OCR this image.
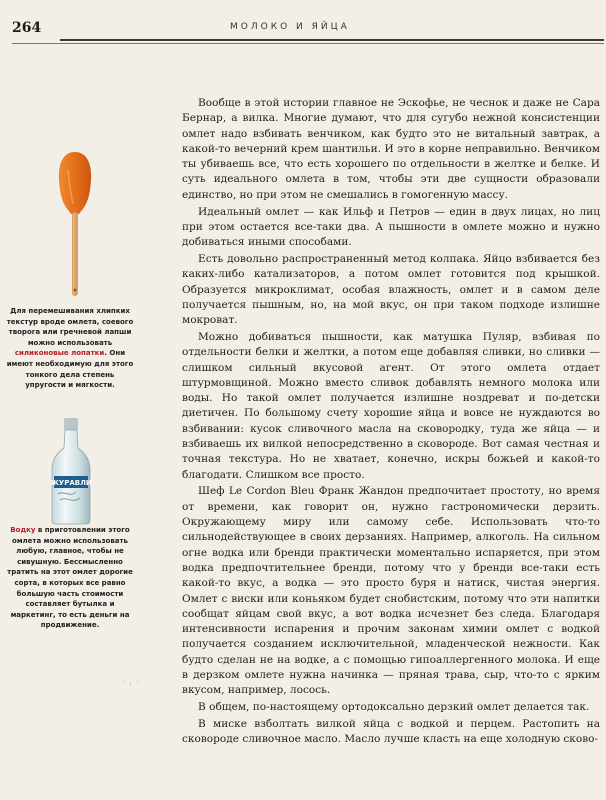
264	МОЛОКО И ЯЙЦА
Для перемешивания хлипких текстур вроде омлета, соевого творога или гречневой лапши можно использовать силиконовые лопатки. Они имеют необходимую для этого тонкого дела степень упругости и мягкости.
ЖУРАВЛИ
Водку в приготовлении этого омлета можно использовать любую, главное, чтобы не сивушную. Бессмысленно тратить на этот омлет дорогие сорта, в которых все равно большую часть стоимости составляет бутылка и маркетинг, то есть деньги на продвижение.
· : ·

Вообще в этой истории главное не Эскофье, не чеснок и даже не Сара Бернар, а вилка. Многие думают, что для сугубо нежной консистенции омлет надо взбивать венчиком, как будто это не витальный завтрак, а какой-то вечерний крем шантильи. И это в корне неправильно. Венчиком ты убиваешь все, что есть хорошего по отдельности в желтке и белке. И суть идеального омлета в том, чтобы эти две сущности образовали единство, но при этом не смешались в гомогенную массу.

Идеальный омлет — как Ильф и Петров — един в двух лицах, но лиц при этом остается все-таки два. А пышности в омлете можно и нужно добиваться иными способами.

Есть довольно распространенный метод колпака. Яйцо взбивается без каких-либо катализаторов, а потом омлет готовится под крышкой. Образуется микроклимат, особая влажность, омлет и в самом деле получается пышным, но, на мой вкус, он при таком подходе излишне мокроват.

Можно добиваться пышности, как матушка Пуляр, взбивая по отдельности белки и желтки, а потом еще добавляя сливки, но сливки — слишком сильный вкусовой агент. От этого омлета отдает штурмовщиной. Можно вместо сливок добавлять немного молока или воды. Но такой омлет получается излишне ноздреват и по-детски диетичен. По большому счету хорошие яйца и вовсе не нуждаются во взбивании: кусок сливочного масла на сковородку, туда же яйца — и взбиваешь их вилкой непосредственно в сковороде. Вот самая честная и точная текстура. Но не хватает, конечно, искры божьей и какой-то благодати. Слишком все просто.

Шеф Le Cordon Bleu Франк Жандон предпочитает простоту, но время от времени, как говорит он, нужно гастрономически дерзить. Окружающему миру или самому себе. Использовать что-то сильнодействующее в своих дерзаниях. Например, алкоголь. На сильном огне водка или бренди практически моментально испаряется, при этом водка предпочтительнее бренди, потому что у бренди все-таки есть какой-то вкус, а водка — это просто буря и натиск, чистая энергия. Омлет с виски или коньяком будет снобистским, потому что эти напитки сообщат яйцам свой вкус, а вот водка исчезнет без следа. Благодаря интенсивности испарения и прочим законам химии омлет с водкой получается созданием исключительной, младенческой нежности. Как будто сделан не на водке, а с помощью гипоаллергенного молока. И еще в дерзком омлете нужна начинка — пряная трава, сыр, что-то с ярким вкусом, например, лосось.

В общем, по-настоящему ортодоксально дерзкий омлет делается так.

В миске взболтать вилкой яйца с водкой и перцем. Растопить на сковороде сливочное масло. Масло лучше класть на еще холодную сково-
